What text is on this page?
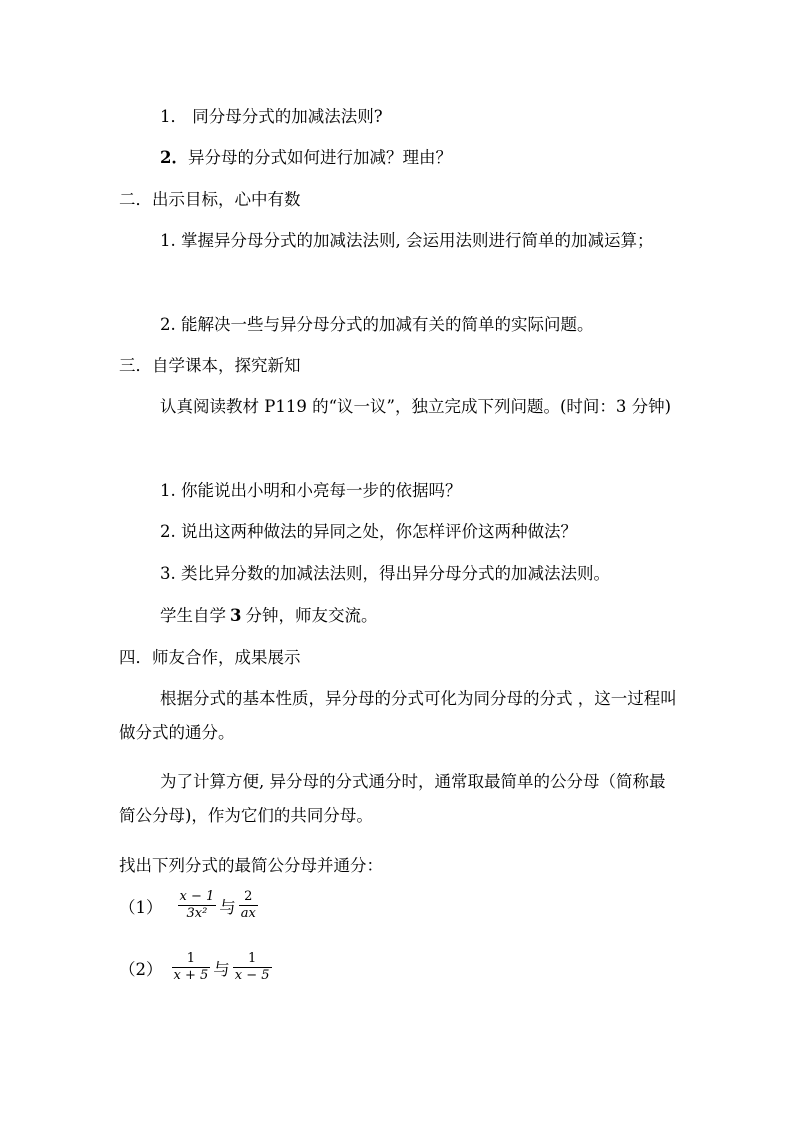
1． 同分母分式的加减法法则?
2．异分母的分式如何进行加减？理由？
二．出示目标，心中有数
1. 掌握异分母分式的加减法法则, 会运用法则进行简单的加减运算；
2. 能解决一些与异分母分式的加减有关的简单的实际问题。
三．自学课本，探究新知
认真阅读教材 P119 的“议一议”，独立完成下列问题。(时间：3 分钟)
1. 你能说出小明和小亮每一步的依据吗？
2. 说出这两种做法的异同之处，你怎样评价这两种做法？
3. 类比异分数的加减法法则，得出异分母分式的加减法法则。
学生自学 3 分钟，师友交流。
四．师友合作，成果展示
根据分式的基本性质，异分母的分式可化为同分母的分式 ，这一过程叫做分式的通分。
为了计算方便, 异分母的分式通分时，通常取最简单的公分母（简称最简公分母)，作为它们的共同分母。
找出下列分式的最简公分母并通分：
$(1) \frac{x - 1}{\text{3x²}}$ 与 $\frac{2}{ax}$
$(2) \frac{1}{x + 5}$ 与 $\frac{1}{x - 5}$
